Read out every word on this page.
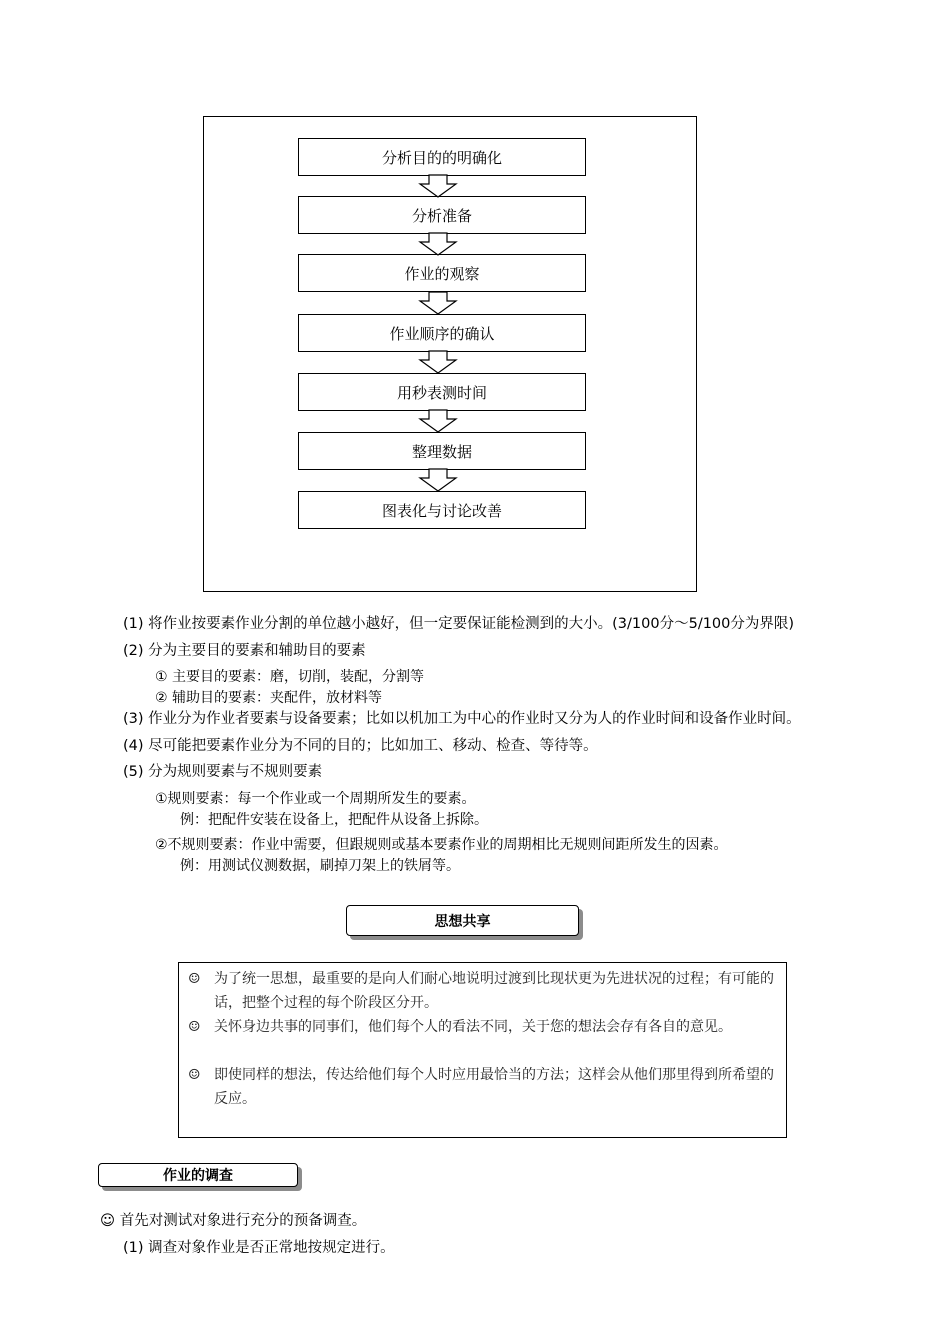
分析目的的明确化
分析准备
作业的观察
作业顺序的确认
用秒表测时间
整理数据
图表化与讨论改善
(1) 将作业按要素作业分割的单位越小越好，但一定要保证能检测到的大小。(3/100分～5/100分为界限)
(2) 分为主要目的要素和辅助目的要素
① 主要目的要素：磨，切削，装配，分割等
② 辅助目的要素：夹配件，放材料等
(3) 作业分为作业者要素与设备要素；比如以机加工为中心的作业时又分为人的作业时间和设备作业时间。
(4) 尽可能把要素作业分为不同的目的；比如加工、移动、检查、等待等。
(5) 分为规则要素与不规则要素
①规则要素：每一个作业或一个周期所发生的要素。
例：把配件安装在设备上，把配件从设备上拆除。
②不规则要素：作业中需要，但跟规则或基本要素作业的周期相比无规则间距所发生的因素。
例：用测试仪测数据，刷掉刀架上的铁屑等。
思想共享
☺ 为了统一思想，最重要的是向人们耐心地说明过渡到比现状更为先进状况的过程；有可能的话，把整个过程的每个阶段区分开。
☺ 关怀身边共事的同事们，他们每个人的看法不同，关于您的想法会存有各自的意见。
☺ 即使同样的想法，传达给他们每个人时应用最恰当的方法；这样会从他们那里得到所希望的反应。
作业的调查
☺ 首先对测试对象进行充分的预备调查。
(1) 调查对象作业是否正常地按规定进行。
